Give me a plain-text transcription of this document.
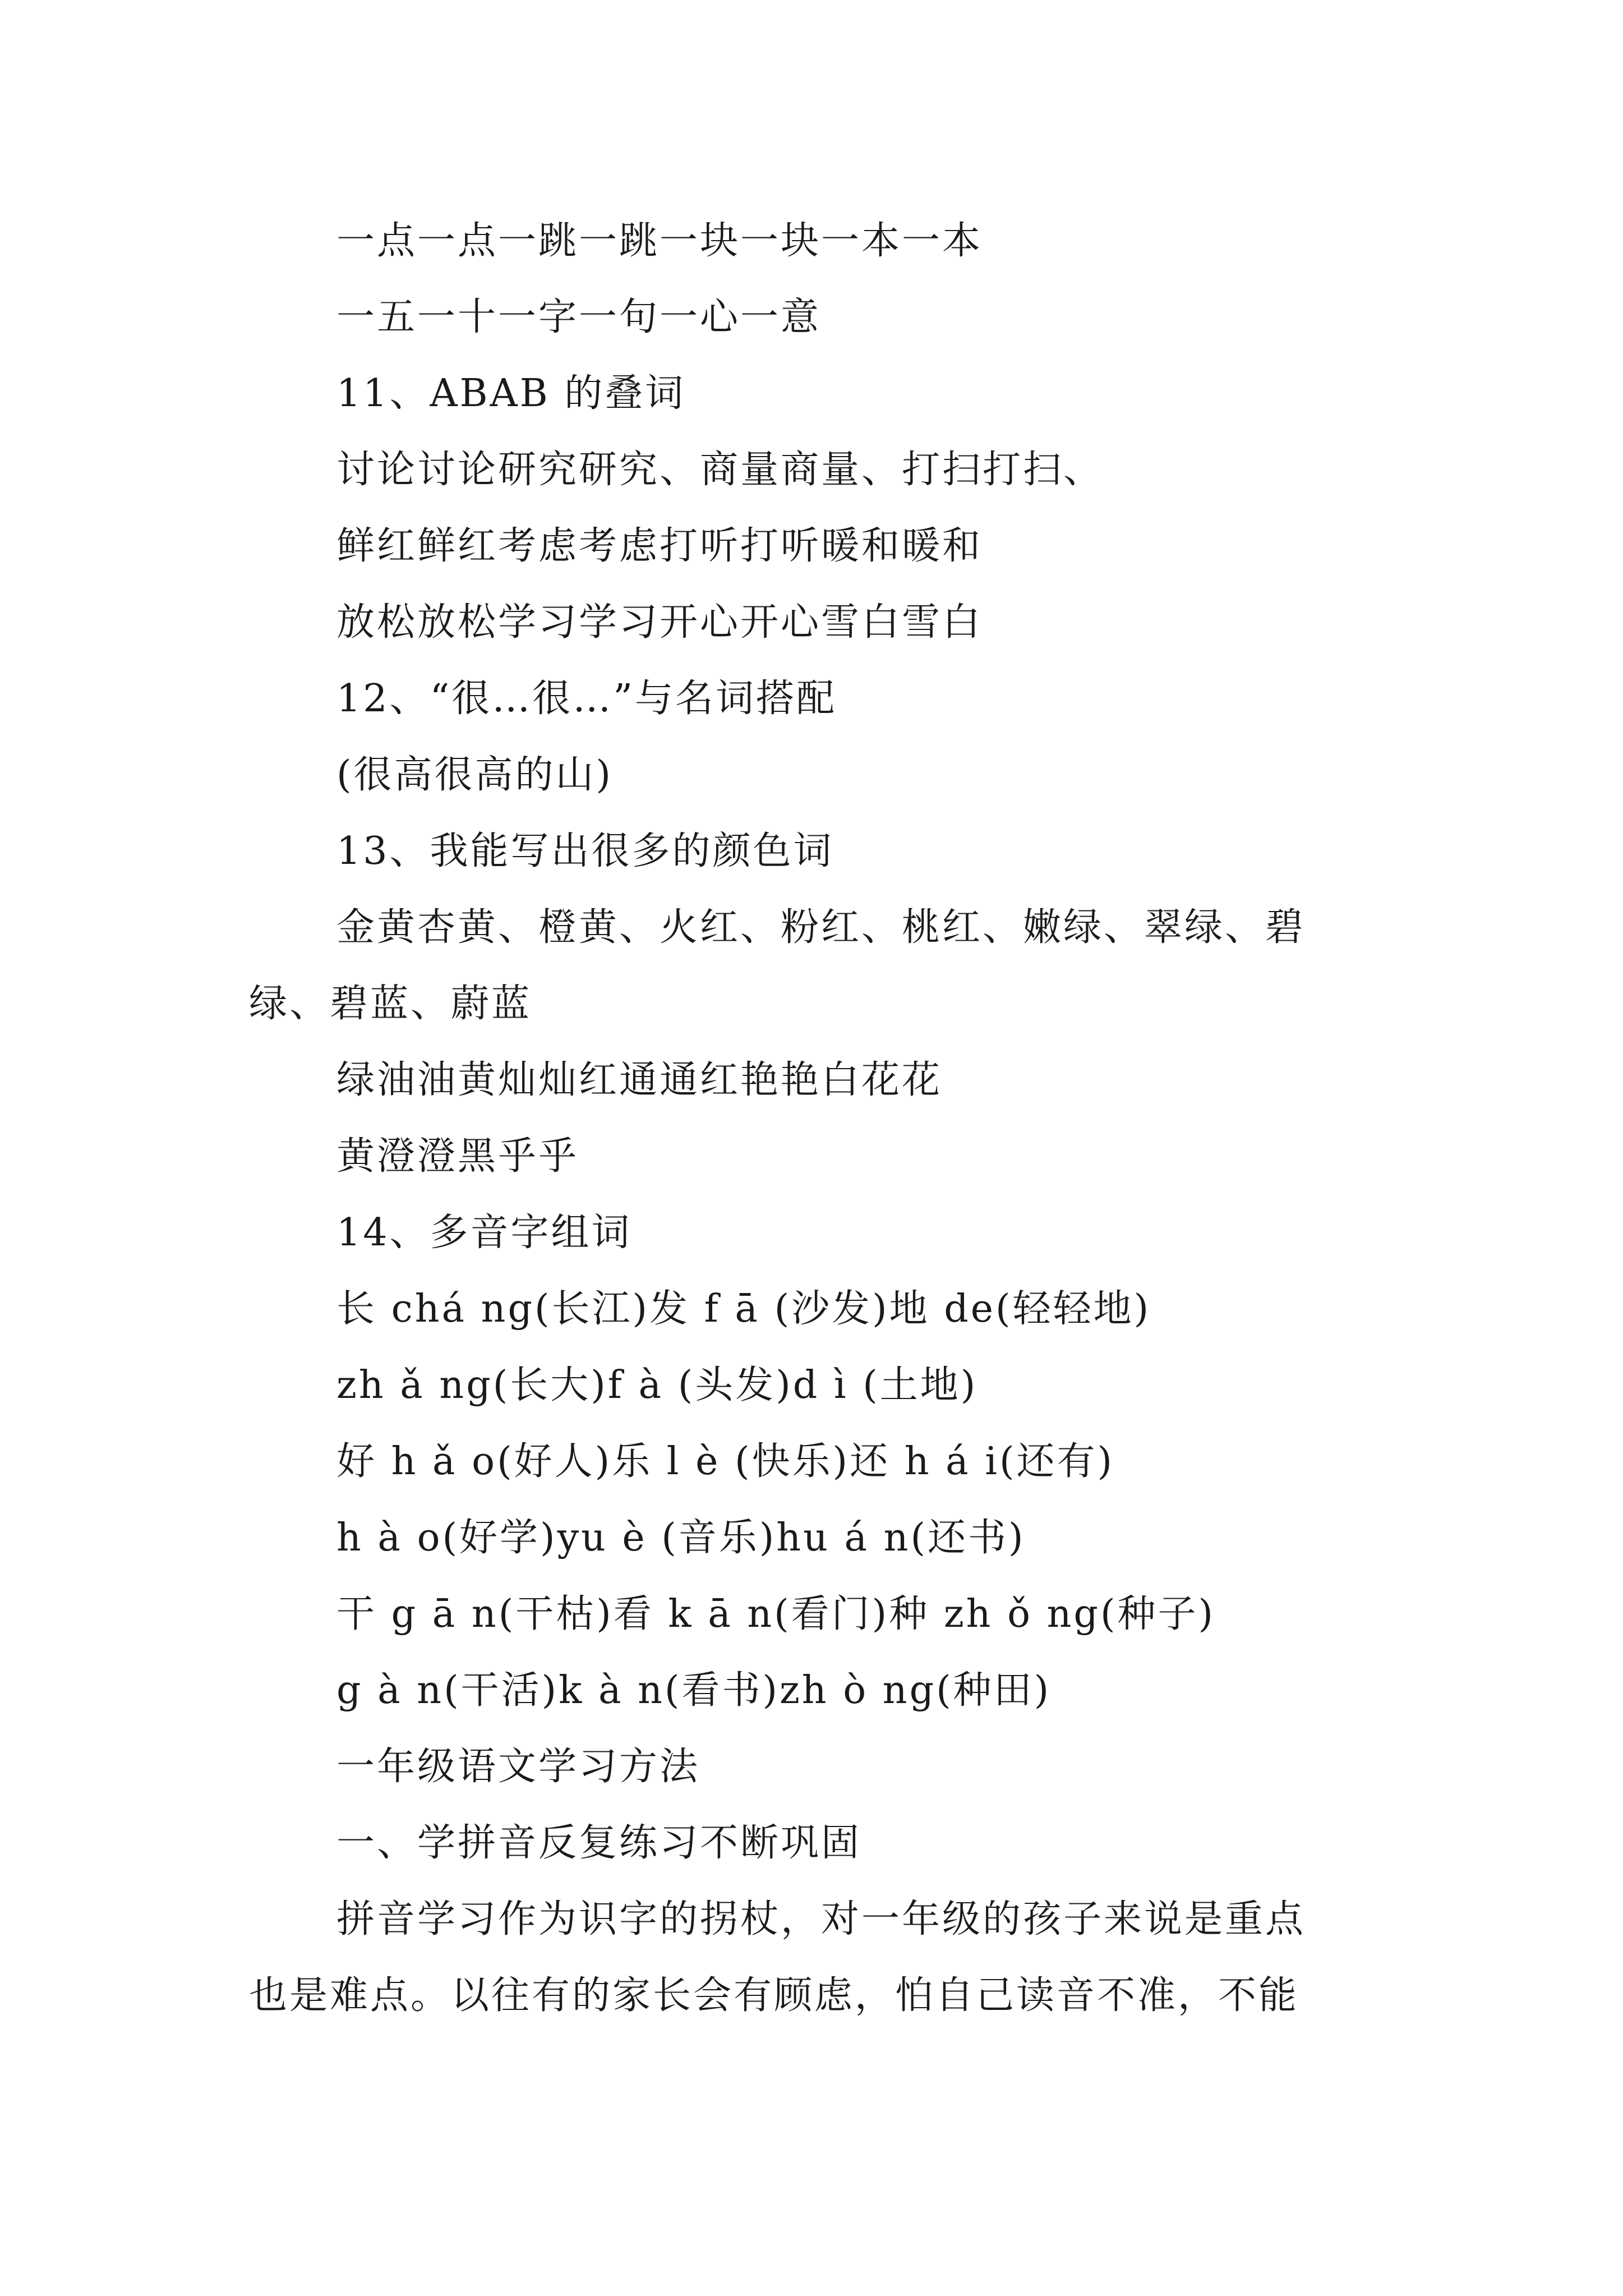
一点一点一跳一跳一块一块一本一本
一五一十一字一句一心一意
11、ABAB 的叠词
讨论讨论研究研究、商量商量、打扫打扫、
鲜红鲜红考虑考虑打听打听暖和暖和
放松放松学习学习开心开心雪白雪白
12、“很…很…”与名词搭配
(很高很高的山)
13、我能写出很多的颜色词
金黄杏黄、橙黄、火红、粉红、桃红、嫩绿、翠绿、碧
绿、碧蓝、蔚蓝
绿油油黄灿灿红通通红艳艳白花花
黄澄澄黑乎乎
14、多音字组词
长 chá ng(长江)发 f ā (沙发)地 de(轻轻地)
zh ǎ ng(长大)f à (头发)d ì (土地)
好 h ǎ o(好人)乐 l è (快乐)还 h á i(还有)
h à o(好学)yu è (音乐)hu á n(还书)
干 g ā n(干枯)看 k ā n(看门)种 zh ǒ ng(种子)
g à n(干活)k à n(看书)zh ò ng(种田)
一年级语文学习方法
一、学拼音反复练习不断巩固
拼音学习作为识字的拐杖，对一年级的孩子来说是重点
也是难点。以往有的家长会有顾虑，怕自己读音不准，不能
